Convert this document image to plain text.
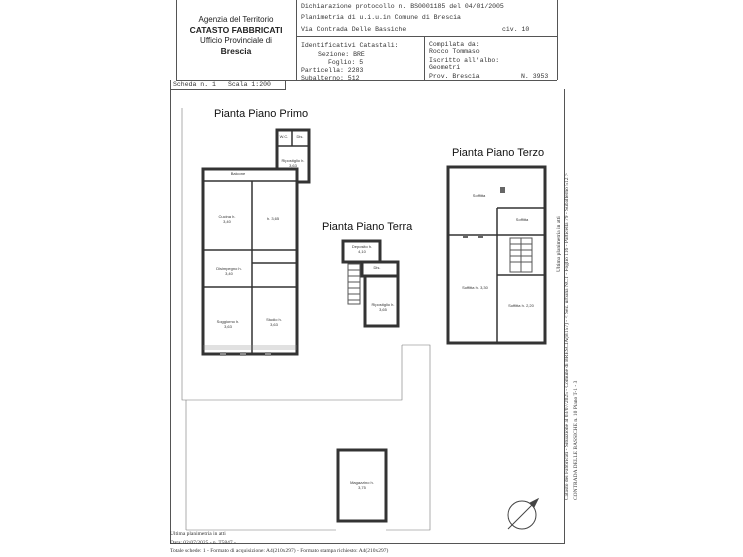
Agenzia del Territorio
CATASTO FABBRICATI
Ufficio Provinciale di
Brescia
Dichiarazione protocollo n. BS0001185 del 04/01/2005
Planimetria di u.i.u.in Comune di Brescia
Via Contrada Delle Bassiche	civ. 10
Identificativi Catastali:
Sezione: BRE
Foglio: 5
Particella: 2283
Subalterno: 512
Compilata da:
Rocco Tommaso
Iscritto all'albo:
Geometri
Prov. Brescia	N. 3953
Scheda n. 1 Scala 1:200
Pianta Piano Primo
Pianta Piano Terzo
Pianta Piano Terra
W.C.	Dis.
Ripostiglio h. 3,63
Balcone
Cucina h. 3,40
h. 3,65
Disimpegno h. 3,40
Soggiorno h. 3,63
Studio h. 3,63
Deposito h. 4,10
Dis.
Ripostiglio h. 3,65
Magazzino h. 3,75
Soffitta
Soffitta
Soffitta h. 3,30
Soffitta h. 2,20	Catasto dei Fabbricati - Situazione al 03/07/2025 - Comune di BRESCIA(B157) - < Sez. urbana NCT - Foglio 116 - Particella 79 - Subalterno 512 > CONTRADA DELLE BASSICHE n. 10 Piano T-1 - 3
Ultima planimetria in atti
Ultima planimetria in atti
Data: 02/07/2025 - n. T5847 -
Totale schede: 1 - Formato di acquisizione: A4(210x297) - Formato stampa richiesto: A4(210x297)
